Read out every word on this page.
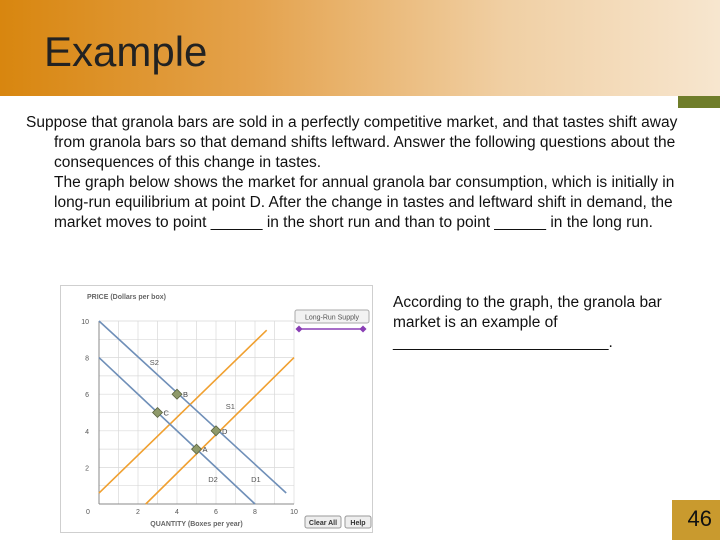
Example

Suppose that granola bars are sold in a perfectly competitive market, and that tastes shift away from granola bars so that demand shifts leftward. Answer the following questions about the consequences of this change in tastes.

The graph below shows the market for annual granola bar consumption, which is initially in long-run equilibrium at point D. After the change in tastes and leftward shift in demand, the market moves to point ______ in the short run and than to point ______ in the long run.

PRICE (Dollars per box)
QUANTITY (Boxes per year)
0	2	4	6	8	10
2
4
6
8
10
S1
S2
D1
D2
A
B
C
D
Long-Run Supply
Clear All Help
According to the graph, the granola bar market is an example of _________________________.
46
